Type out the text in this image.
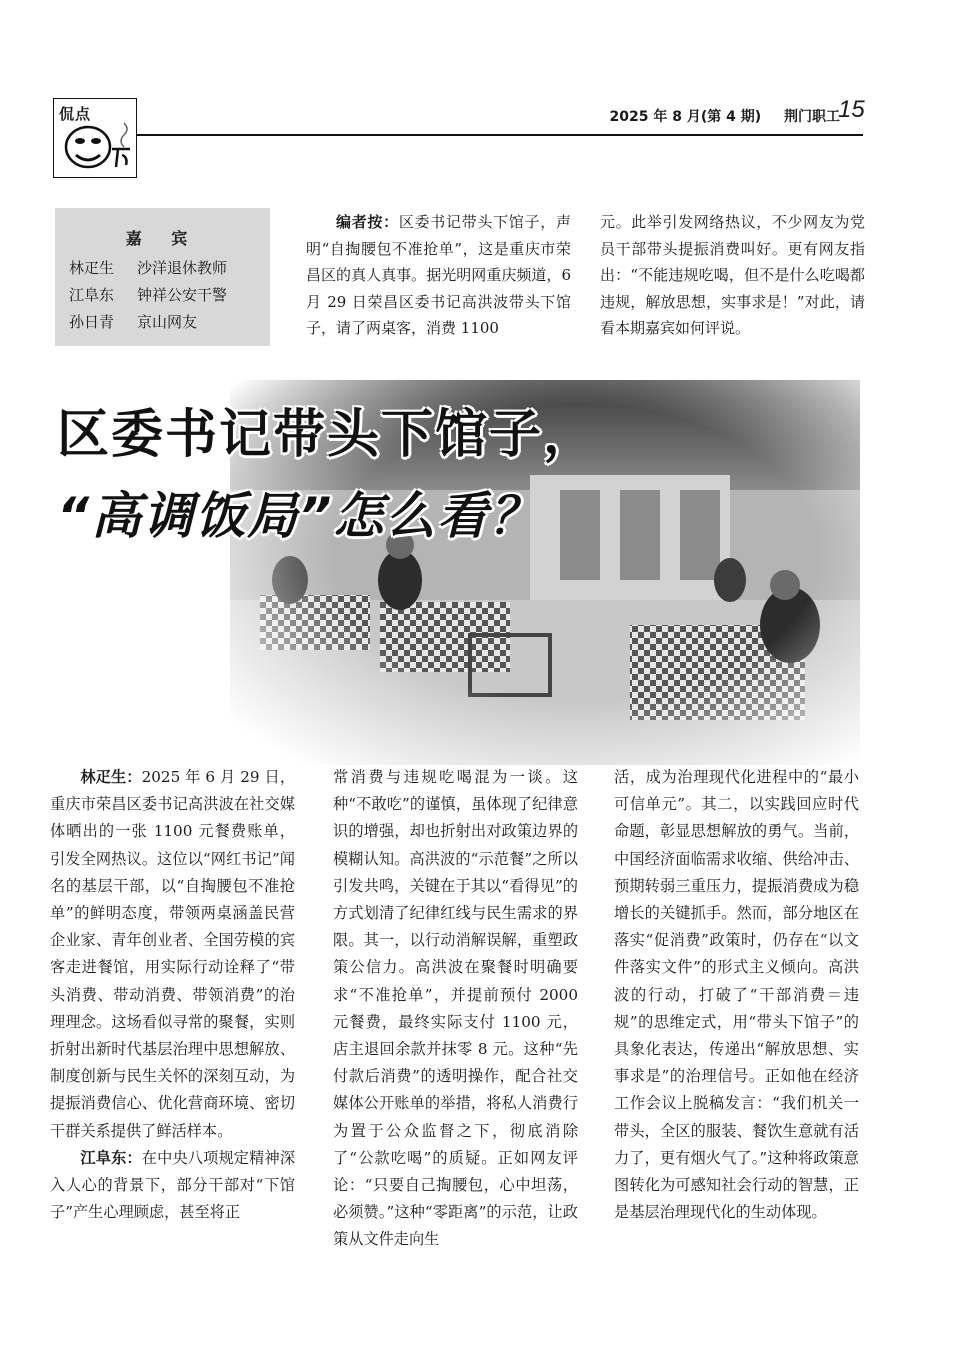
侃点	2025 年 8 月(第 4 期) 荆门职工
15
嘉 宾
林疋生 沙洋退休教师
江阜东 钟祥公安干警
孙日青 京山网友
编者按：区委书记带头下馆子，声明“自掏腰包不准抢单”，这是重庆市荣昌区的真人真事。据光明网重庆频道，6 月 29 日荣昌区委书记高洪波带头下馆子，请了两桌客，消费 1100
元。此举引发网络热议，不少网友为党员干部带头提振消费叫好。更有网友指出：“不能违规吃喝，但不是什么吃喝都违规，解放思想，实事求是！”对此，请看本期嘉宾如何评说。
区委书记带头下馆子，
“高调饭局”怎么看？

林疋生：2025 年 6 月 29 日，重庆市荣昌区委书记高洪波在社交媒体晒出的一张 1100 元餐费账单，引发全网热议。这位以“网红书记”闻名的基层干部，以“自掏腰包不准抢单”的鲜明态度，带领两桌涵盖民营企业家、青年创业者、全国劳模的宾客走进餐馆，用实际行动诠释了“带头消费、带动消费、带领消费”的治理理念。这场看似寻常的聚餐，实则折射出新时代基层治理中思想解放、制度创新与民生关怀的深刻互动，为提振消费信心、优化营商环境、密切干群关系提供了鲜活样本。

江阜东：在中央八项规定精神深入人心的背景下，部分干部对“下馆子”产生心理顾虑，甚至将正

常消费与违规吃喝混为一谈。这种“不敢吃”的谨慎，虽体现了纪律意识的增强，却也折射出对政策边界的模糊认知。高洪波的“示范餐”之所以引发共鸣，关键在于其以“看得见”的方式划清了纪律红线与民生需求的界限。其一，以行动消解误解，重塑政策公信力。高洪波在聚餐时明确要求“不准抢单”，并提前预付 2000 元餐费，最终实际支付 1100 元，店主退回余款并抹零 8 元。这种“先付款后消费”的透明操作，配合社交媒体公开账单的举措，将私人消费行为置于公众监督之下，彻底消除了“公款吃喝”的质疑。正如网友评论：“只要自己掏腰包，心中坦荡，必须赞。”这种“零距离”的示范，让政策从文件走向生

活，成为治理现代化进程中的“最小可信单元”。其二，以实践回应时代命题，彰显思想解放的勇气。当前，中国经济面临需求收缩、供给冲击、预期转弱三重压力，提振消费成为稳增长的关键抓手。然而，部分地区在落实“促消费”政策时，仍存在“以文件落实文件”的形式主义倾向。高洪波的行动，打破了“干部消费＝违规”的思维定式，用“带头下馆子”的具象化表达，传递出“解放思想、实事求是”的治理信号。正如他在经济工作会议上脱稿发言：“我们机关一带头，全区的服装、餐饮生意就有活力了，更有烟火气了。”这种将政策意图转化为可感知社会行动的智慧，正是基层治理现代化的生动体现。
